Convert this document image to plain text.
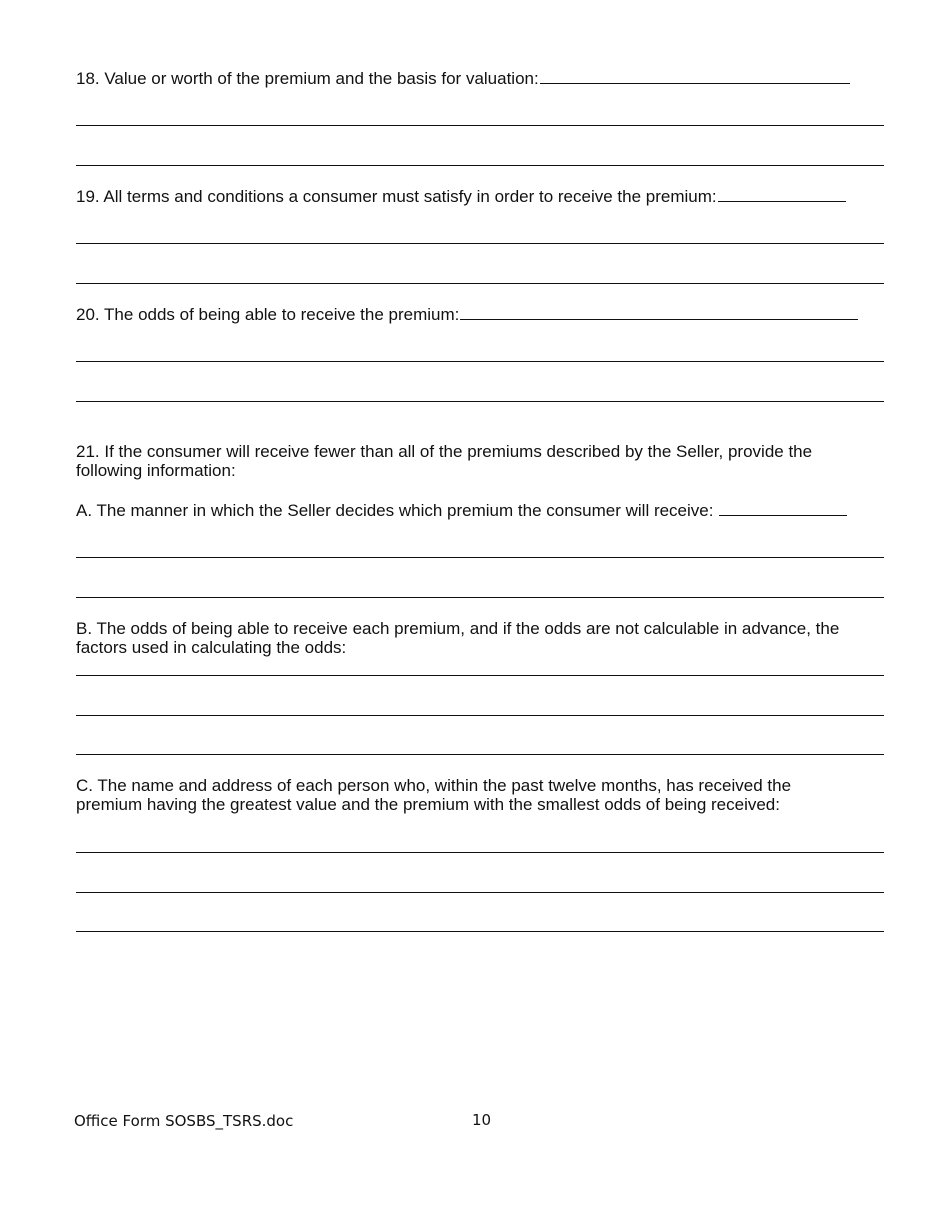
18. Value or worth of the premium and the basis for valuation:
19. All terms and conditions a consumer must satisfy in order to receive the premium:
20. The odds of being able to receive the premium:
21. If the consumer will receive fewer than all of the premiums described by the Seller, provide the following information:
A. The manner in which the Seller decides which premium the consumer will receive:
B. The odds of being able to receive each premium, and if the odds are not calculable in advance, the factors used in calculating the odds:
C. The name and address of each person who, within the past twelve months, has received the premium having the greatest value and the premium with the smallest odds of being received:
Office Form SOSBS_TSRS.doc	10
